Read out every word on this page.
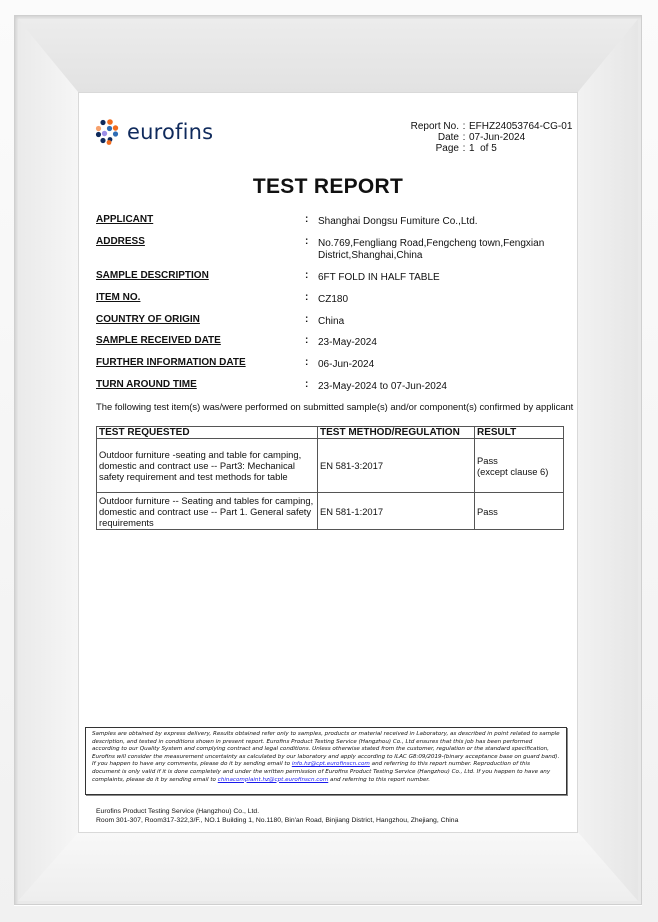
eurofins	Report No. : EFHZ24053764-CG-01
Date : 07-Jun-2024
Page : 1  of 5
TEST REPORT
APPLICANT	: Shanghai Dongsu Fumiture Co.,Ltd.
ADDRESS	: No.769,Fengliang Road,Fengcheng town,Fengxian District,Shanghai,China
SAMPLE DESCRIPTION	: 6FT FOLD IN HALF TABLE
ITEM NO.	: CZ180
COUNTRY OF ORIGIN	: China
SAMPLE RECEIVED DATE	: 23-May-2024
FURTHER INFORMATION DATE	: 06-Jun-2024
TURN AROUND TIME	: 23-May-2024 to 07-Jun-2024
The following test item(s) was/were performed on submitted sample(s) and/or component(s) confirmed by applicant
TEST REQUESTED	TEST METHOD/REGULATION	RESULT
Outdoor furniture -seating and table for camping, domestic and contract use -- Part3: Mechanical safety requirement and test methods for table	EN 581-3:2017	Pass
(except clause 6)

Outdoor furniture -- Seating and tables for camping, domestic and contract use -- Part 1. General safety requirements	EN 581-1:2017	Pass
Samples are obtained by express delivery, Results obtained refer only to samples, products or material received in Laboratory, as described in point related to sample description, and tested in conditions shown in present report. Eurofins Product Testing Service (Hangzhou) Co., Ltd ensures that this job has been performed according to our Quality System and complying contract and legal conditions. Unless otherwise stated from the customer, regulation or the standard specification, Eurofins will consider the measurement uncertainty as calculated by our laboratory and apply according to ILAC G8:09/2019-(binary acceptance base on guard band). If you happen to have any comments, please do it by sending email to info.hz@cpt.eurofinscn.com and referring to this report number. Reproduction of this document is only valid if it is done completely and under the written permission of Eurofins Product Testing Service (Hangzhou) Co., Ltd. If you happen to have any complaints, please do it by sending email to chinacomplaint.hz@cpt.eurofinscn.com and referring to this report number.
Eurofins Product Testing Service (Hangzhou) Co., Ltd.
Room 301-307, Room317-322,3/F., NO.1 Building 1, No.1180, Bin'an Road, Binjiang District, Hangzhou, Zhejiang, China
